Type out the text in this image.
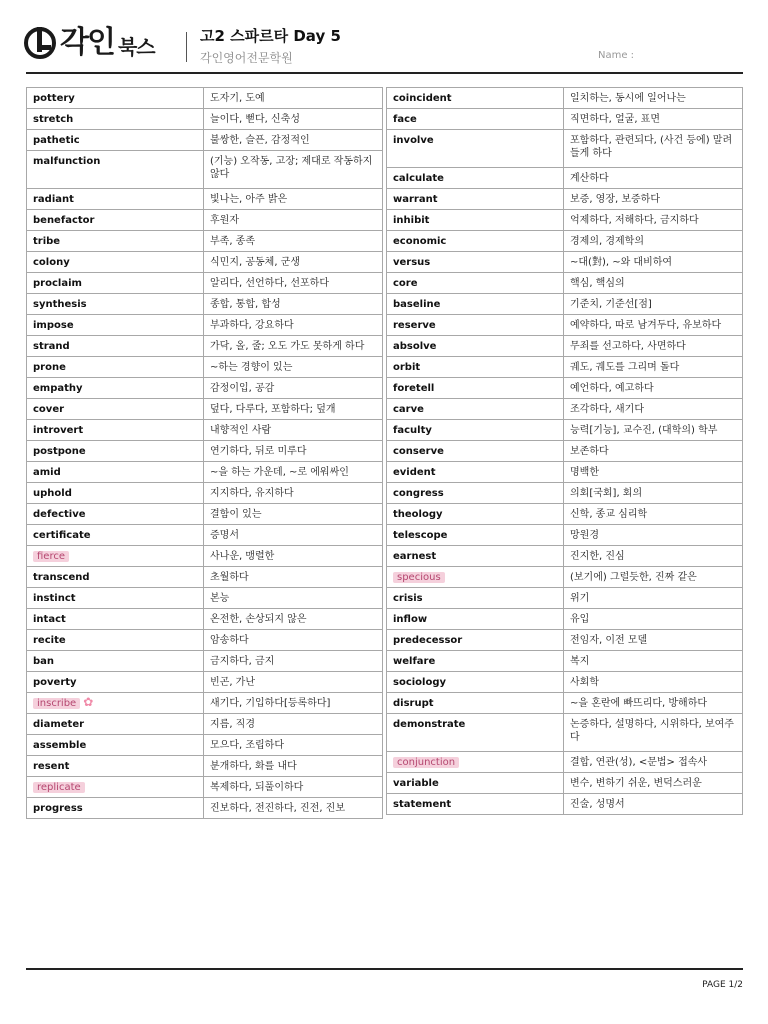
각인 북스	고2 스파르타 Day 5
각인영어전문학원	Name :
pottery	도자기, 도예
stretch	늘이다, 뻗다, 신축성
pathetic	불쌍한, 슬픈, 감정적인
malfunction	(기능) 오작동, 고장; 제대로 작동하지 않다
radiant	빛나는, 아주 밝은
benefactor	후원자
tribe	부족, 종족
colony	식민지, 공동체, 군생
proclaim	알리다, 선언하다, 선포하다
synthesis	종합, 통합, 합성
impose	부과하다, 강요하다
strand	가닥, 올, 줄; 오도 가도 못하게 하다
prone	~하는 경향이 있는
empathy	감정이입, 공감
cover	덮다, 다루다, 포함하다; 덮개
introvert	내향적인 사람
postpone	연기하다, 뒤로 미루다
amid	~을 하는 가운데, ~로 에워싸인
uphold	지지하다, 유지하다
defective	결함이 있는
certificate	증명서
fierce	사나운, 맹렬한
transcend	초월하다
instinct	본능
intact	온전한, 손상되지 않은
recite	암송하다
ban	금지하다, 금지
poverty	빈곤, 가난
inscribe ✿	새기다, 기입하다[등록하다]
diameter	지름, 직경
assemble	모으다, 조립하다
resent	분개하다, 화를 내다
replicate	복제하다, 되풀이하다
progress	진보하다, 전진하다, 진전, 진보
coincident	일치하는, 동시에 일어나는
face	직면하다, 얼굴, 표면
involve	포함하다, 관련되다, (사건 등에) 말려들게 하다
calculate	계산하다
warrant	보증, 영장, 보증하다
inhibit	억제하다, 저해하다, 금지하다
economic	경제의, 경제학의
versus	~대(對), ~와 대비하여
core	핵심, 핵심의
baseline	기준치, 기준선[점]
reserve	예약하다, 따로 남겨두다, 유보하다
absolve	무죄를 선고하다, 사면하다
orbit	궤도, 궤도를 그리며 돌다
foretell	예언하다, 예고하다
carve	조각하다, 새기다
faculty	능력[기능], 교수진, (대학의) 학부
conserve	보존하다
evident	명백한
congress	의회[국회], 회의
theology	신학, 종교 심리학
telescope	망원경
earnest	진지한, 진심
specious	(보기에) 그럴듯한, 진짜 같은
crisis	위기
inflow	유입
predecessor	전임자, 이전 모델
welfare	복지
sociology	사회학
disrupt	~을 혼란에 빠뜨리다, 방해하다
demonstrate	논증하다, 설명하다, 시위하다, 보여주다
conjunction	결합, 연관(성), <문법> 접속사
variable	변수, 변하기 쉬운, 변덕스러운
statement	진술, 성명서
PAGE 1/2
